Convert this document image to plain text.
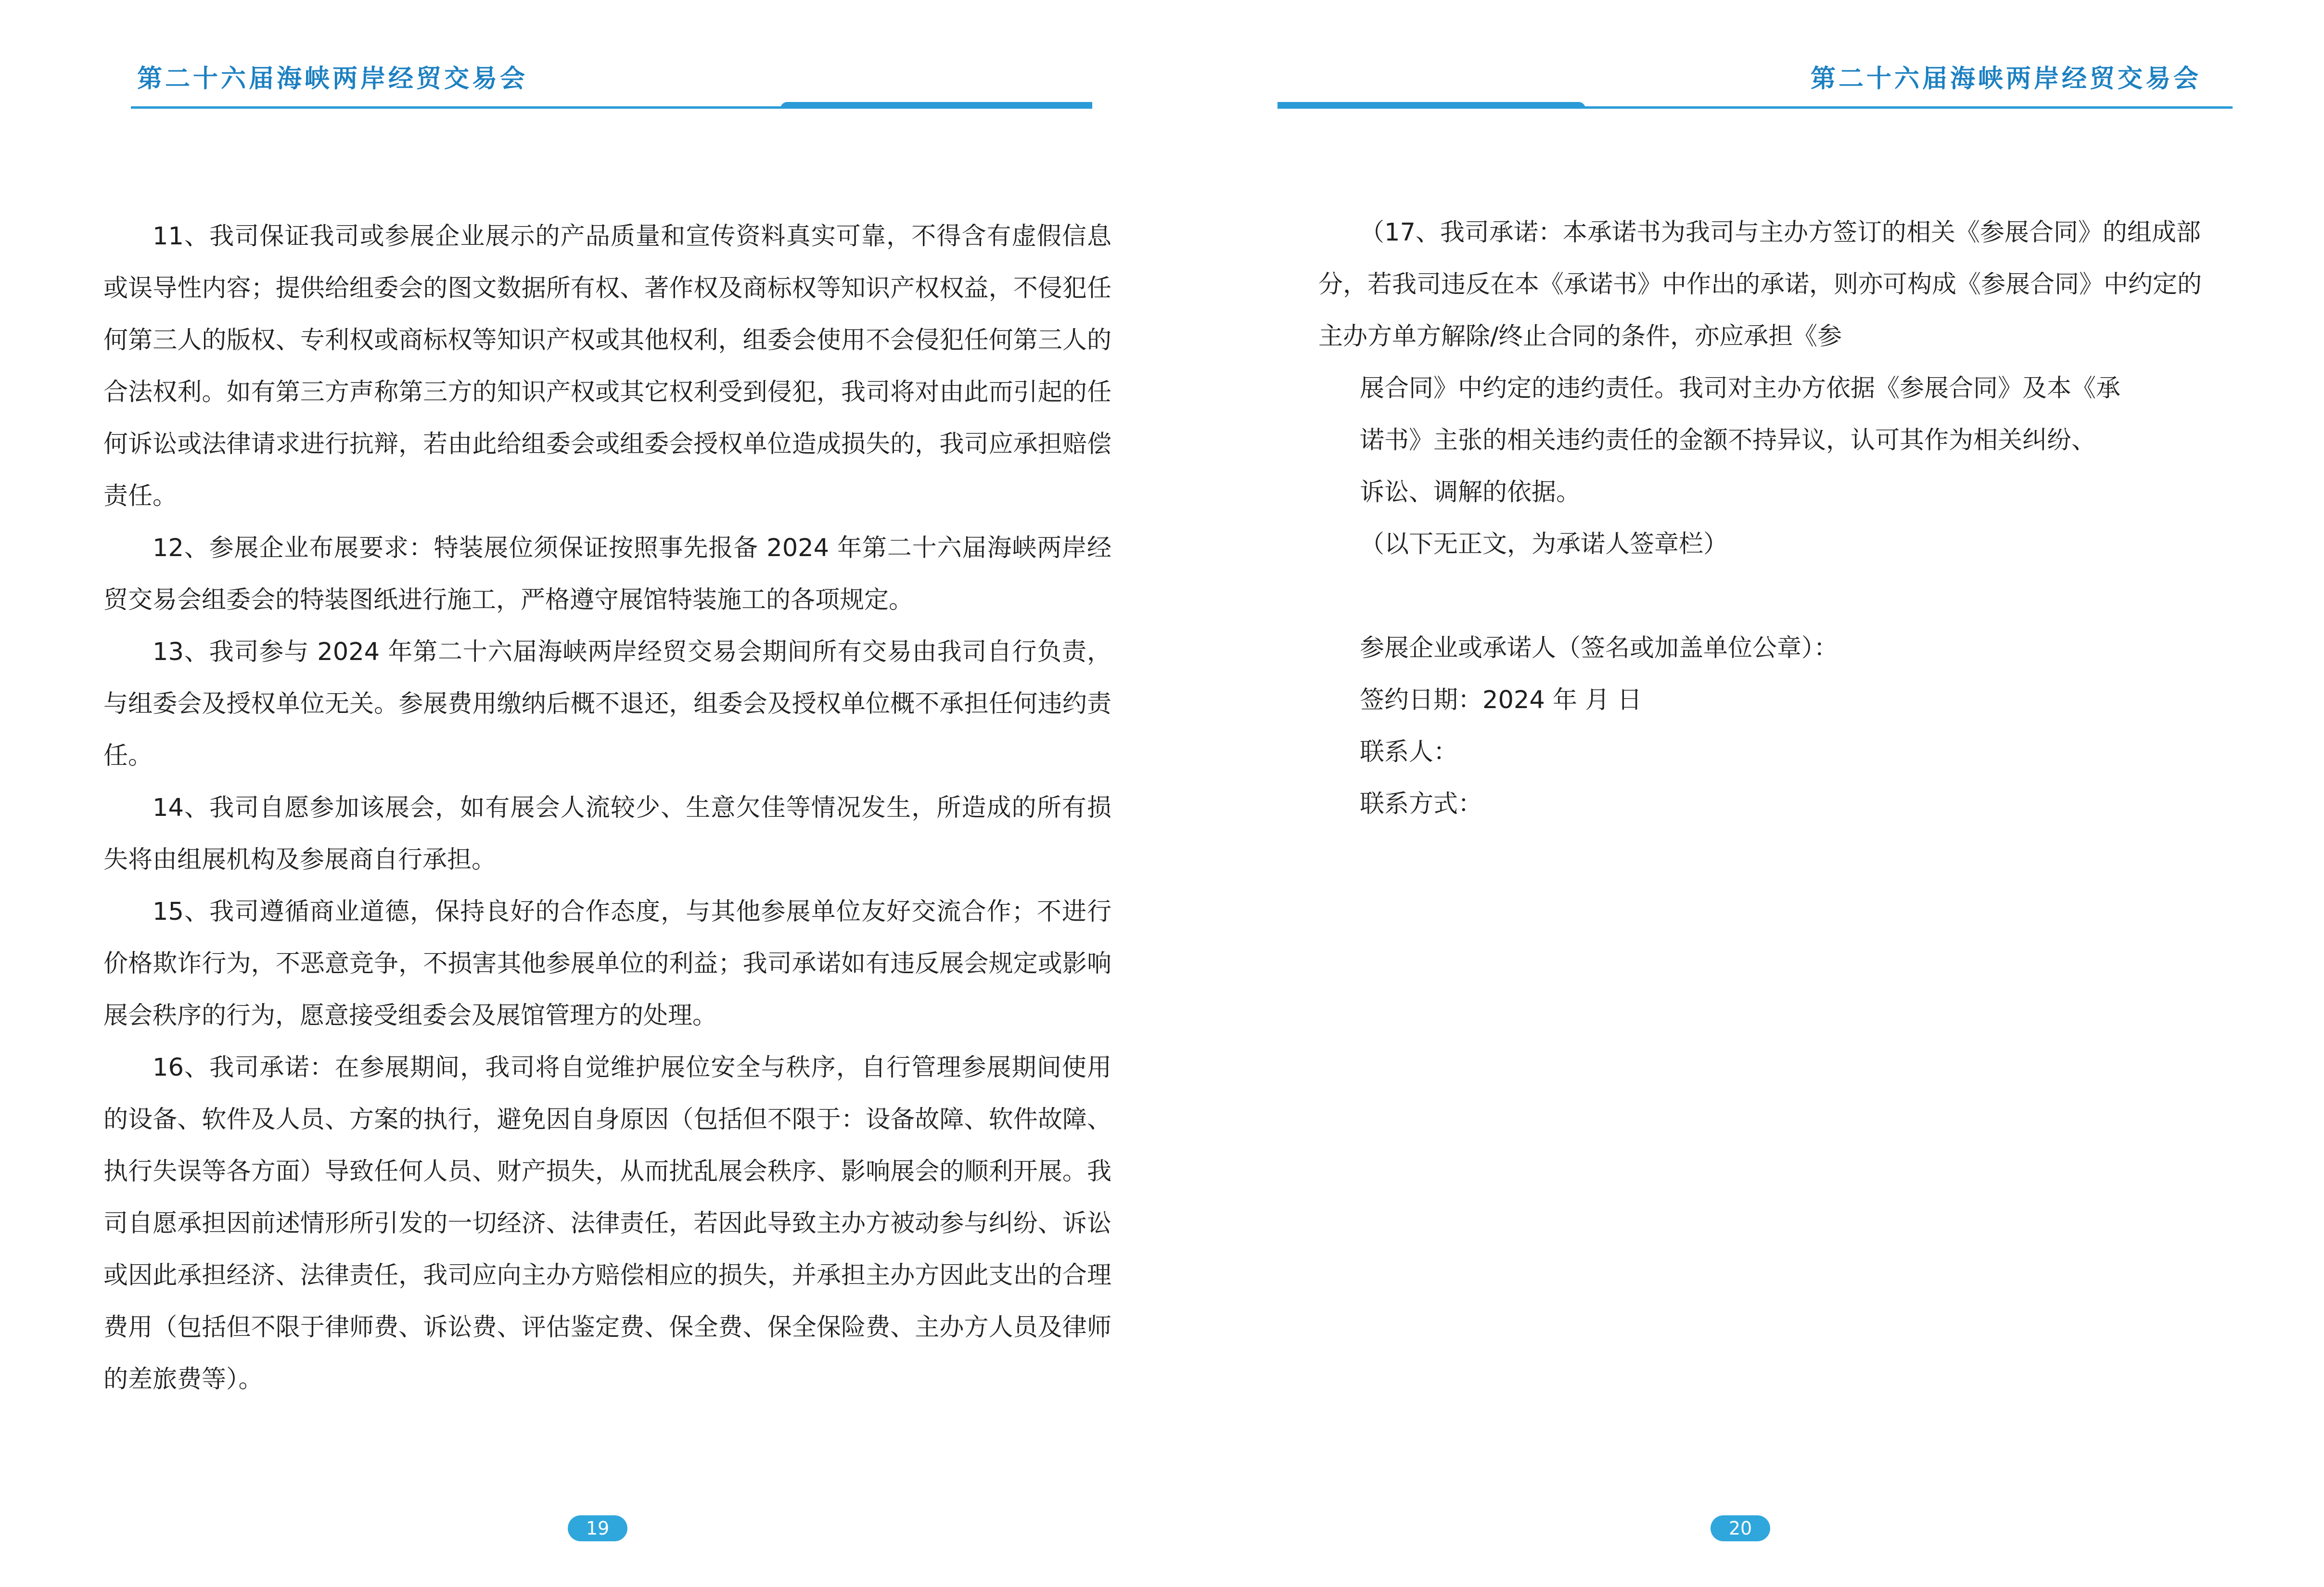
第二十六届海峡两岸经贸交易会

11、我司保证我司或参展企业展示的产品质量和宣传资料真实可靠，不得含有虚假信息或误导性内容；提供给组委会的图文数据所有权、著作权及商标权等知识产权权益，不侵犯任何第三人的版权、专利权或商标权等知识产权或其他权利，组委会使用不会侵犯任何第三人的合法权利。如有第三方声称第三方的知识产权或其它权利受到侵犯，我司将对由此而引起的任何诉讼或法律请求进行抗辩，若由此给组委会或组委会授权单位造成损失的，我司应承担赔偿责任。

12、参展企业布展要求：特装展位须保证按照事先报备 2024 年第二十六届海峡两岸经贸交易会组委会的特装图纸进行施工，严格遵守展馆特装施工的各项规定。

13、我司参与 2024 年第二十六届海峡两岸经贸交易会期间所有交易由我司自行负责，与组委会及授权单位无关。参展费用缴纳后概不退还，组委会及授权单位概不承担任何违约责任。

14、我司自愿参加该展会，如有展会人流较少、生意欠佳等情况发生，所造成的所有损失将由组展机构及参展商自行承担。

15、我司遵循商业道德，保持良好的合作态度，与其他参展单位友好交流合作；不进行价格欺诈行为，不恶意竞争，不损害其他参展单位的利益；我司承诺如有违反展会规定或影响展会秩序的行为，愿意接受组委会及展馆管理方的处理。

16、我司承诺：在参展期间，我司将自觉维护展位安全与秩序，自行管理参展期间使用的设备、软件及人员、方案的执行，避免因自身原因（包括但不限于：设备故障、软件故障、执行失误等各方面）导致任何人员、财产损失，从而扰乱展会秩序、影响展会的顺利开展。我司自愿承担因前述情形所引发的一切经济、法律责任，若因此导致主办方被动参与纠纷、诉讼或因此承担经济、法律责任，我司应向主办方赔偿相应的损失，并承担主办方因此支出的合理费用（包括但不限于律师费、诉讼费、评估鉴定费、保全费、保全保险费、主办方人员及律师的差旅费等）。

19
第二十六届海峡两岸经贸交易会

（17、我司承诺：本承诺书为我司与主办方签订的相关《参展合同》的组成部

分，若我司违反在本《承诺书》中作出的承诺，则亦可构成《参展合同》中约定的

主办方单方解除/终止合同的条件，亦应承担《参

展合同》中约定的违约责任。我司对主办方依据《参展合同》及本《承

诺书》主张的相关违约责任的金额不持异议，认可其作为相关纠纷、

诉讼、调解的依据。

（以下无正文，为承诺人签章栏）

参展企业或承诺人（签名或加盖单位公章）：

签约日期：2024 年 月 日

联系人：

联系方式：

20
